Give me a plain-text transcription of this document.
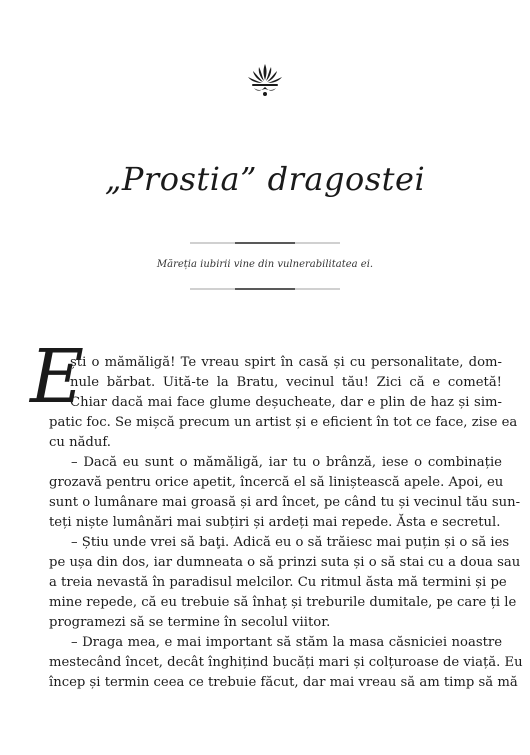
„Prostia” dragostei
Măreția iubirii vine din vulnerabilitatea ei.
E
ști o mămăligă! Te vreau spirt în casă și cu personalitate, dom-
nule bărbat. Uită-te la Bratu, vecinul tău! Zici că e cometă!
Chiar dacă mai face glume deșucheate, dar e plin de haz și sim-
patic foc. Se mișcă precum un artist și e eficient în tot ce face, zise ea
cu năduf.
– Dacă eu sunt o mămăligă, iar tu o brânză, iese o combinație
grozavă pentru orice apetit, încercă el să liniștească apele. Apoi, eu
sunt o lumânare mai groasă și ard încet, pe când tu și vecinul tău sun-
teți niște lumânări mai subțiri și ardeți mai repede. Ăsta e secretul.
– Știu unde vrei să baţi. Adică eu o să trăiesc mai puțin și o să ies
pe ușa din dos, iar dumneata o să prinzi suta și o să stai cu a doua sau
a treia nevastă în paradisul melcilor. Cu ritmul ăsta mă termini și pe
mine repede, că eu trebuie să înhaț și treburile dumitale, pe care ți le
programezi să se termine în secolul viitor.
– Draga mea, e mai important să stăm la masa căsniciei noastre
mestecând încet, decât înghițind bucăți mari și colțuroase de viață. Eu
încep și termin ceea ce trebuie făcut, dar mai vreau să am timp să mă
